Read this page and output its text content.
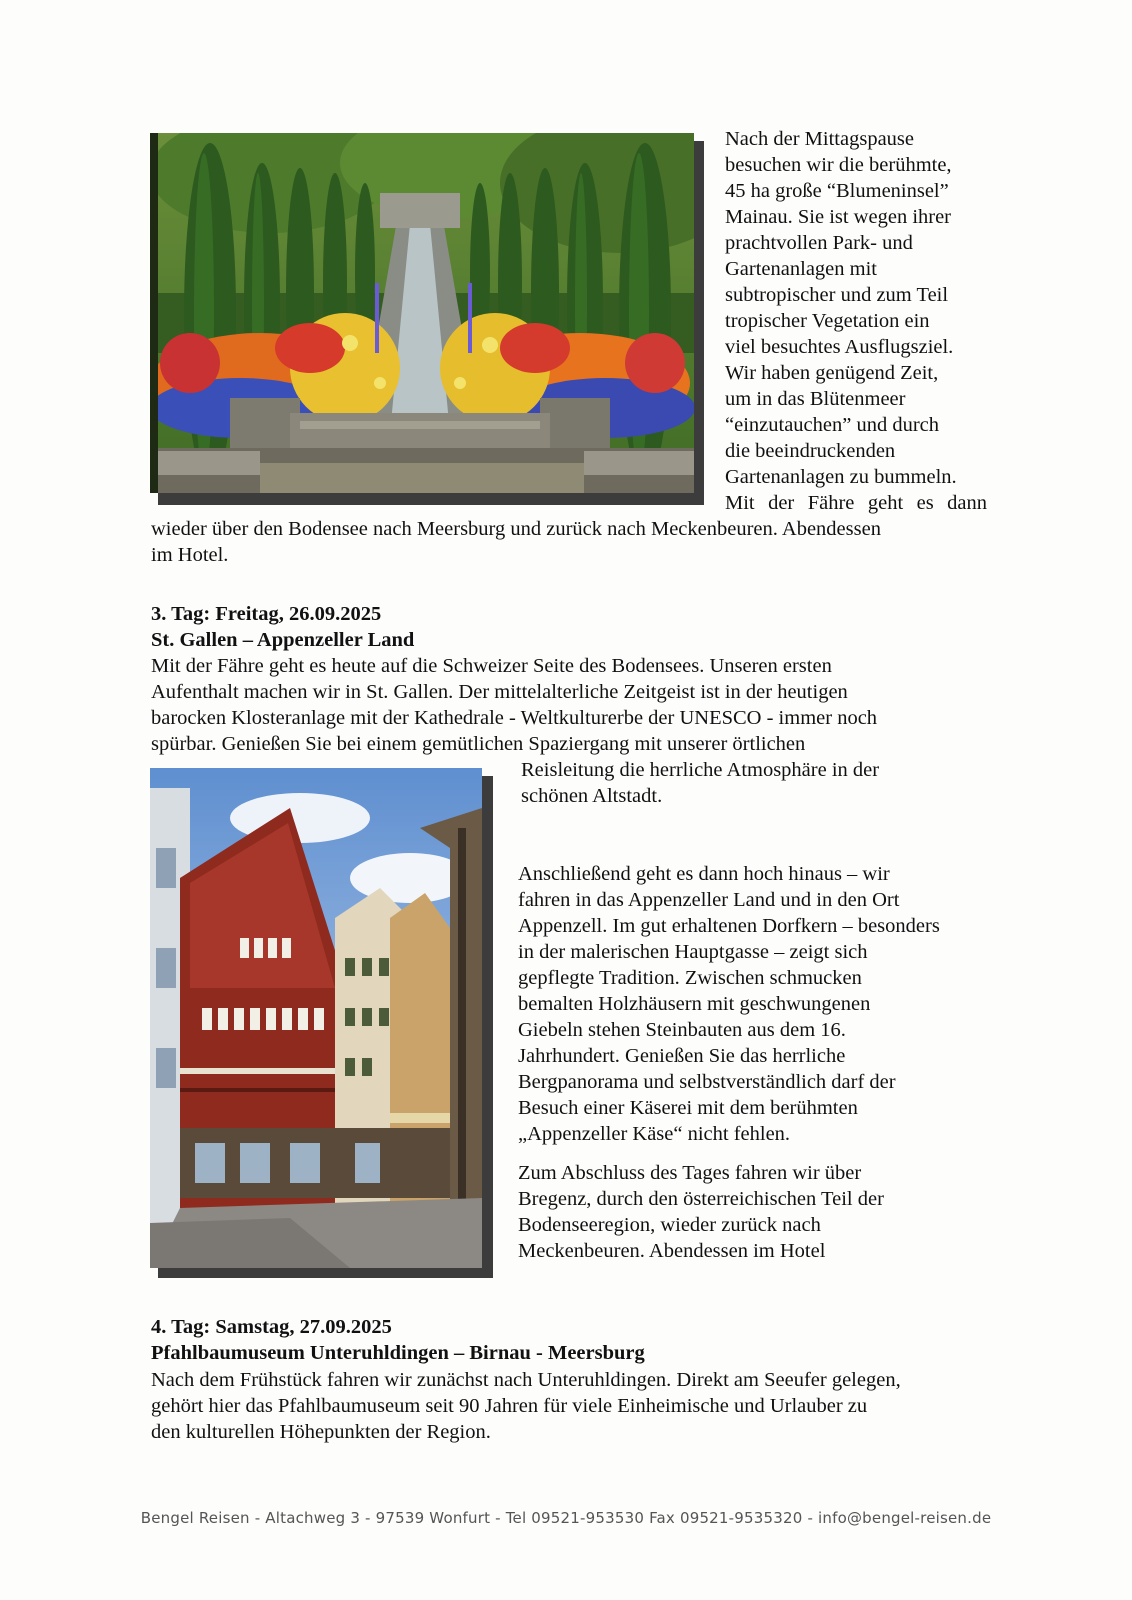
Nach der Mittagspause
besuchen wir die berühmte,
45 ha große “Blumeninsel”
Mainau. Sie ist wegen ihrer
prachtvollen Park- und
Gartenanlagen mit
subtropischer und zum Teil
tropischer Vegetation ein
viel besuchtes Ausflugsziel.
Wir haben genügend Zeit,
um in das Blütenmeer
“einzutauchen” und durch
die beeindruckenden
Gartenanlagen zu bummeln.
Mit der Fähre geht es dann
wieder über den Bodensee nach Meersburg und zurück nach Meckenbeuren. Abendessen
im Hotel.
3. Tag: Freitag, 26.09.2025
St. Gallen – Appenzeller Land
Mit der Fähre geht es heute auf die Schweizer Seite des Bodensees. Unseren ersten
Aufenthalt machen wir in St. Gallen. Der mittelalterliche Zeitgeist ist in der heutigen
barocken Klosteranlage mit der Kathedrale - Weltkulturerbe der UNESCO - immer noch
spürbar. Genießen Sie bei einem gemütlichen Spaziergang mit unserer örtlichen
Reisleitung die herrliche Atmosphäre in der
schönen Altstadt.
Anschließend geht es dann hoch hinaus – wir
fahren in das Appenzeller Land und in den Ort
Appenzell. Im gut erhaltenen Dorfkern – besonders
in der malerischen Hauptgasse – zeigt sich
gepflegte Tradition. Zwischen schmucken
bemalten Holzhäusern mit geschwungenen
Giebeln stehen Steinbauten aus dem 16.
Jahrhundert. Genießen Sie das herrliche
Bergpanorama und selbstverständlich darf der
Besuch einer Käserei mit dem berühmten
„Appenzeller Käse“ nicht fehlen.
Zum Abschluss des Tages fahren wir über
Bregenz, durch den österreichischen Teil der
Bodenseeregion, wieder zurück nach
Meckenbeuren. Abendessen im Hotel
4. Tag: Samstag, 27.09.2025
Pfahlbaumuseum Unteruhldingen – Birnau - Meersburg
Nach dem Frühstück fahren wir zunächst nach Unteruhldingen. Direkt am Seeufer gelegen,
gehört hier das Pfahlbaumuseum seit 90 Jahren für viele Einheimische und Urlauber zu
den kulturellen Höhepunkten der Region.
Bengel Reisen - Altachweg 3 - 97539 Wonfurt - Tel 09521-953530 Fax 09521-9535320 - info@bengel-reisen.de
